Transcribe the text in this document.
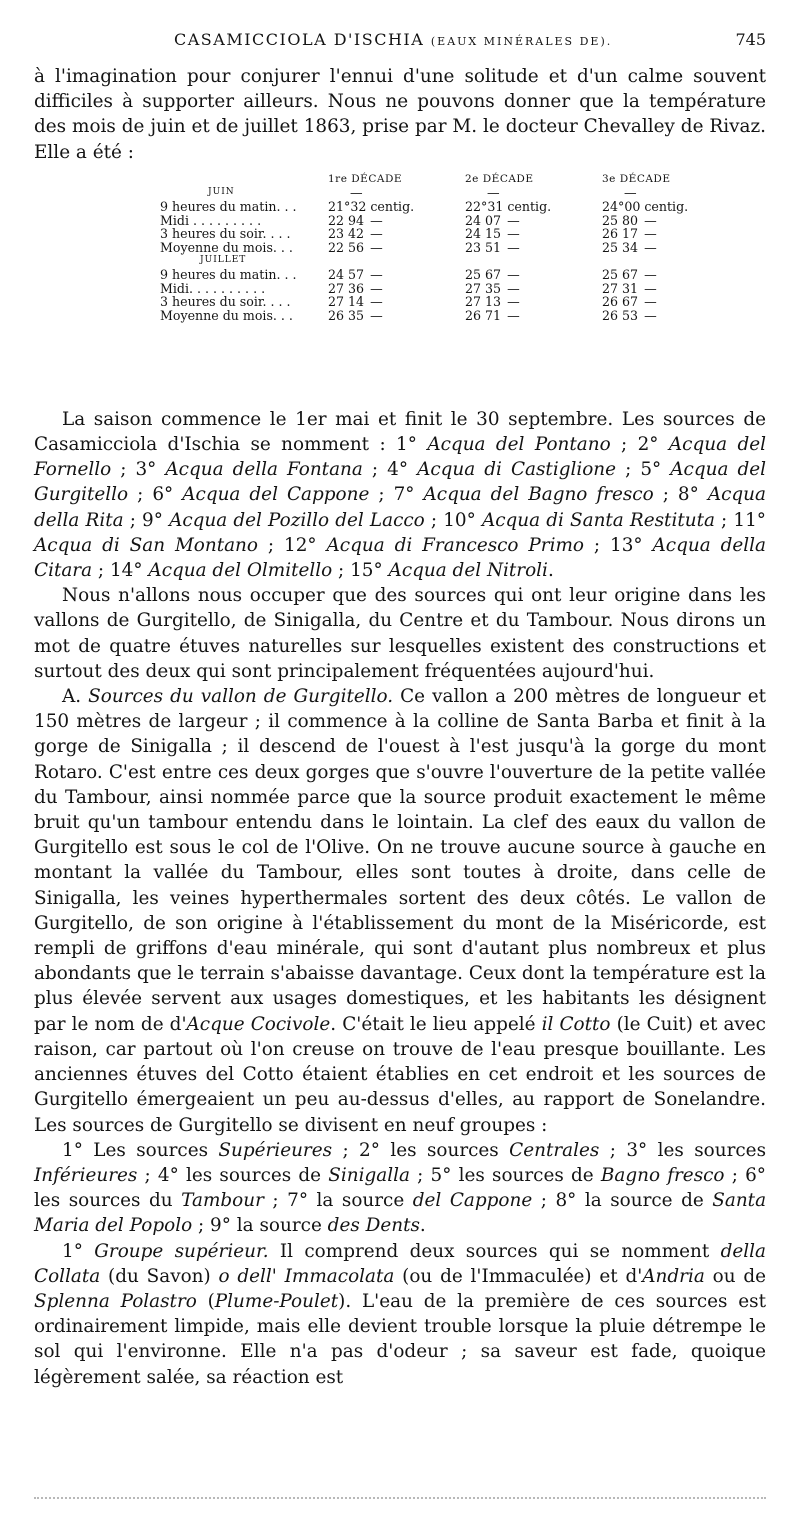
CASAMICCIOLA D'ISCHIA (EAUX MINÉRALES DE).	745

à l'imagination pour conjurer l'ennui d'une solitude et d'un calme souvent difficiles à supporter ailleurs. Nous ne pouvons donner que la température des mois de juin et de juillet 1863, prise par M. le docteur Chevalley de Rivaz. Elle a été :

	1re DÉCADE	2e DÉCADE	3e DÉCADE
JUIN	—	—	—
9 heures du matin. . .	21°32 centig.	22°31 centig.	24°00 centig.
Midi . . . . . . . . .	22 94 —	24 07 —	25 80 —
3 heures du soir. . . .	23 42 —	24 15 —	26 17 —
Moyenne du mois. . .	22 56 —	23 51 —	25 34 —
JUILLET			
9 heures du matin. . .	24 57 —	25 67 —	25 67 —
Midi. . . . . . . . . .	27 36 —	27 35 —	27 31 —
3 heures du soir. . . .	27 14 —	27 13 —	26 67 —
Moyenne du mois. . .	26 35 —	26 71 —	26 53 —

La saison commence le 1er mai et finit le 30 septembre. Les sources de Casamicciola d'Ischia se nomment : 1° Acqua del Pontano ; 2° Acqua del Fornello ; 3° Acqua della Fontana ; 4° Acqua di Castiglione ; 5° Acqua del Gurgitello ; 6° Acqua del Cappone ; 7° Acqua del Bagno fresco ; 8° Acqua della Rita ; 9° Acqua del Pozillo del Lacco ; 10° Acqua di Santa Restituta ; 11° Acqua di San Montano ; 12° Acqua di Francesco Primo ; 13° Acqua della Citara ; 14° Acqua del Olmitello ; 15° Acqua del Nitroli.

Nous n'allons nous occuper que des sources qui ont leur origine dans les vallons de Gurgitello, de Sinigalla, du Centre et du Tambour. Nous dirons un mot de quatre étuves naturelles sur lesquelles existent des constructions et surtout des deux qui sont principalement fréquentées aujourd'hui.

A. Sources du vallon de Gurgitello. Ce vallon a 200 mètres de longueur et 150 mètres de largeur ; il commence à la colline de Santa Barba et finit à la gorge de Sinigalla ; il descend de l'ouest à l'est jusqu'à la gorge du mont Rotaro. C'est entre ces deux gorges que s'ouvre l'ouverture de la petite vallée du Tambour, ainsi nommée parce que la source produit exactement le même bruit qu'un tambour entendu dans le lointain. La clef des eaux du vallon de Gurgitello est sous le col de l'Olive. On ne trouve aucune source à gauche en montant la vallée du Tambour, elles sont toutes à droite, dans celle de Sinigalla, les veines hyperthermales sortent des deux côtés. Le vallon de Gurgitello, de son origine à l'établissement du mont de la Miséricorde, est rempli de griffons d'eau minérale, qui sont d'autant plus nombreux et plus abondants que le terrain s'abaisse davantage. Ceux dont la température est la plus élevée servent aux usages domestiques, et les habitants les désignent par le nom de d'Acque Cocivole. C'était le lieu appelé il Cotto (le Cuit) et avec raison, car partout où l'on creuse on trouve de l'eau presque bouillante. Les anciennes étuves del Cotto étaient établies en cet endroit et les sources de Gurgitello émergeaient un peu au-dessus d'elles, au rapport de Sonelandre. Les sources de Gurgitello se divisent en neuf groupes :

1° Les sources Supérieures ; 2° les sources Centrales ; 3° les sources Inférieures ; 4° les sources de Sinigalla ; 5° les sources de Bagno fresco ; 6° les sources du Tambour ; 7° la source del Cappone ; 8° la source de Santa Maria del Popolo ; 9° la source des Dents.

1° Groupe supérieur. Il comprend deux sources qui se nomment della Collata (du Savon) o dell' Immacolata (ou de l'Immaculée) et d'Andria ou de Splenna Polastro (Plume-Poulet). L'eau de la première de ces sources est ordinairement limpide, mais elle devient trouble lorsque la pluie détrempe le sol qui l'environne. Elle n'a pas d'odeur ; sa saveur est fade, quoique légèrement salée, sa réaction est
